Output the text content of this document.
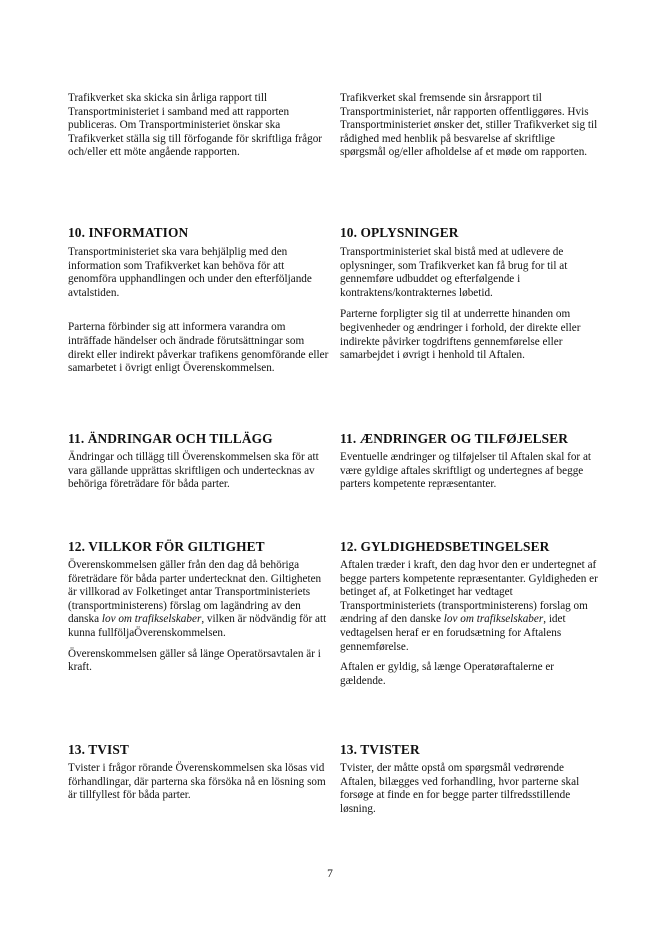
Trafikverket ska skicka sin årliga rapport till Transportministeriet i samband med att rapporten publiceras. Om Transportministeriet önskar ska Trafikverket ställa sig till förfogande för skriftliga frågor och/eller ett möte angående rapporten.

10. INFORMATION

Transportministeriet ska vara behjälplig med den information som Trafikverket kan behöva för att genomföra upphandlingen och under den efterföljande avtalstiden.

Parterna förbinder sig att informera varandra om inträffade händelser och ändrade förutsättningar som direkt eller indirekt påverkar trafikens genomförande eller samarbetet i övrigt enligt Överenskommelsen.

11. ÄNDRINGAR OCH TILLÄGG

Ändringar och tillägg till Överenskommelsen ska för att vara gällande upprättas skriftligen och undertecknas av behöriga företrädare för båda parter.

12. VILLKOR FÖR GILTIGHET

Överenskommelsen gäller från den dag då behöriga företrädare för båda parter undertecknat den. Giltigheten är villkorad av Folketinget antar Transportministeriets (transportministerens) förslag om lagändring av den danska lov om trafikselskaber, vilken är nödvändig för att kunna fullföljaÖverenskommelsen.

Överenskommelsen gäller så länge Operatörsavtalen är i kraft.

13. TVIST

Tvister i frågor rörande Överenskommelsen ska lösas vid förhandlingar, där parterna ska försöka nå en lösning som är tillfyllest för båda parter.

Trafikverket skal fremsende sin årsrapport til Transportministeriet, når rapporten offentliggøres. Hvis Transportministeriet ønsker det, stiller Trafikverket sig til rådighed med henblik på besvarelse af skriftlige spørgsmål og/eller afholdelse af et møde om rapporten.

10. OPLYSNINGER

Transportministeriet skal bistå med at udlevere de oplysninger, som Trafikverket kan få brug for til at gennemføre udbuddet og efterfølgende i kontraktens/kontrakternes løbetid.

Parterne forpligter sig til at underrette hinanden om begivenheder og ændringer i forhold, der direkte eller indirekte påvirker togdriftens gennemførelse eller samarbejdet i øvrigt i henhold til Aftalen.

11. ÆNDRINGER OG TILFØJELSER

Eventuelle ændringer og tilføjelser til Aftalen skal for at være gyldige aftales skriftligt og undertegnes af begge parters kompetente repræsentanter.

12. GYLDIGHEDSBETINGELSER

Aftalen træder i kraft, den dag hvor den er undertegnet af begge parters kompetente repræsentanter. Gyldigheden er betinget af, at Folketinget har vedtaget Transportministeriets (transportministerens) forslag om ændring af den danske lov om trafikselskaber, idet vedtagelsen heraf er en forudsætning for Aftalens gennemførelse.

Aftalen er gyldig, så længe Operatøraftalerne er gældende.

13. TVISTER

Tvister, der måtte opstå om spørgsmål vedrørende Aftalen, bilægges ved forhandling, hvor parterne skal forsøge at finde en for begge parter tilfredsstillende løsning.

7
